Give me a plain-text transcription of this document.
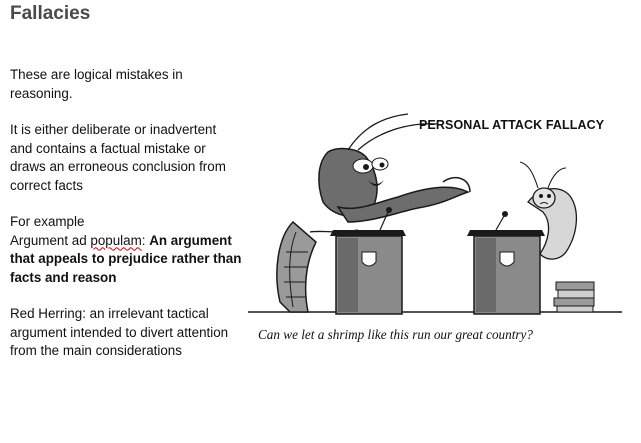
Fallacies

These are logical mistakes in reasoning.

It is either deliberate or inadvertent and contains a factual mistake or draws an erroneous conclusion from correct facts

For example

Argument ad populam: An argument that appeals to prejudice rather than facts and reason

Red Herring: an irrelevant tactical argument intended to divert attention from the main considerations

PERSONAL ATTACK FALLACY
Can we let a shrimp like this run our great country?
